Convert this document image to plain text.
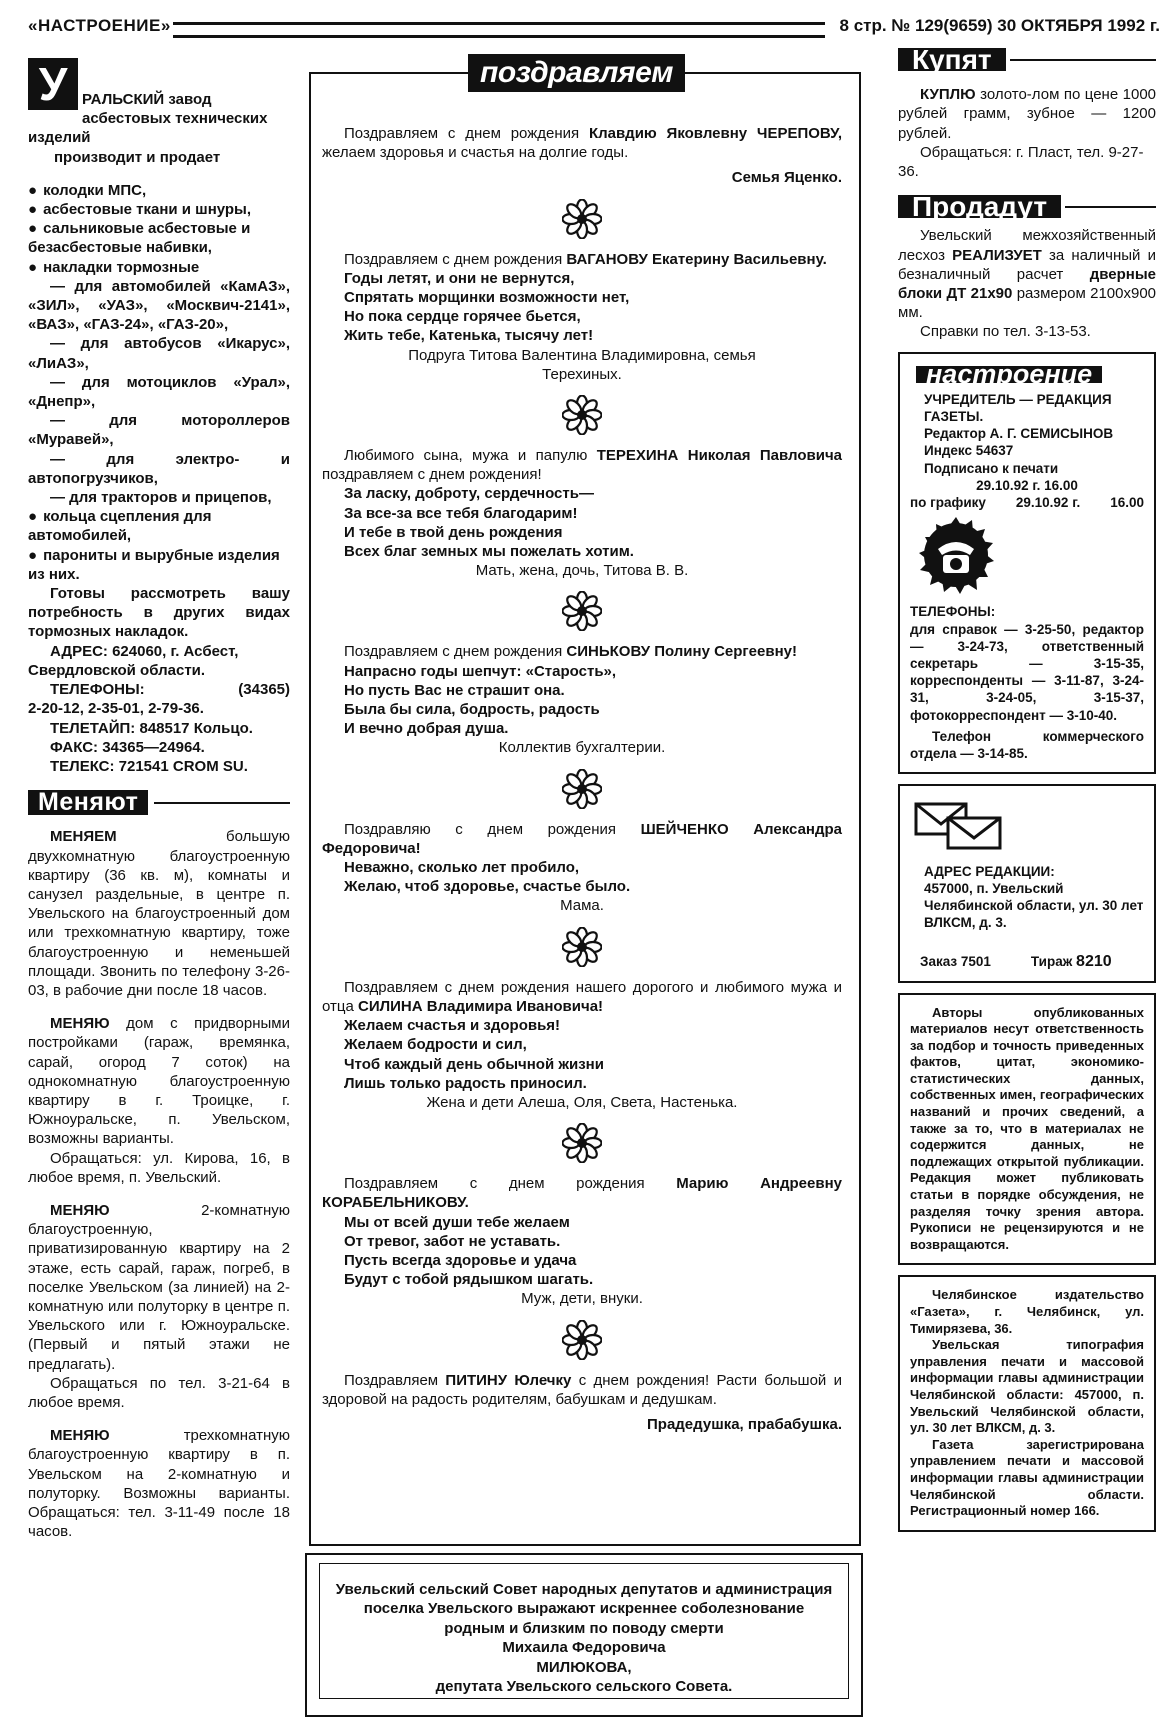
«НАСТРОЕНИЕ»	8 стр. № 129(9659) 30 ОКТЯБРЯ 1992 г.
У РАЛЬСКИЙ завод асбестовых технических изделий

производит и продает

● колодки МПС,

● асбестовые ткани и шнуры,

● сальниковые асбестовые и безасбестовые набивки,

● накладки тормозные

— для автомобилей «КамАЗ», «ЗИЛ», «УАЗ», «Москвич-2141», «ВАЗ», «ГАЗ-24», «ГАЗ-20»,

— для автобусов «Икарус», «ЛиАЗ»,

— для мотоциклов «Урал», «Днепр»,

— для мотороллеров «Муравей»,

— для электро- и автопогрузчиков,

— для тракторов и прицепов,

● кольца сцепления для автомобилей,

● парониты и вырубные изделия из них.

Готовы рассмотреть вашу потребность в других видах тормозных накладок.

АДРЕС: 624060, г. Асбест, Свердловской области.

ТЕЛЕФОНЫ:	(34365)

2-20-12, 2-35-01, 2-79-36.

ТЕЛЕТАЙП: 848517 Кольцо.

ФАКС: 34365—24964.

ТЕЛЕКС: 721541 CROM SU.

Меняют

МЕНЯЕМ	большую двухкомнатную благоустроенную квартиру (36 кв. м), комнаты и санузел раздельные, в центре п. Увельского на благоустроенный дом или трехкомнатную квартиру, тоже благоустроенную и неменьшей площади. Звонить по телефону 3-26-03, в рабочие дни после 18 часов.

МЕНЯЮ дом с придворными постройками (гараж, времянка, сарай, огород 7 соток) на однокомнатную благоустроенную квартиру в г. Троицке, г. Южноуральске, п. Увельском, возможны варианты.

Обращаться: ул. Кирова, 16, в любое время, п. Увельский.

МЕНЯЮ	2-комнатную благоустроенную, приватизированную квартиру на 2 этаже, есть сарай, гараж, погреб, в поселке Увельском (за линией) на 2-комнатную или полуторку в центре п. Увельского или г. Южноуральске. (Первый и пятый этажи не предлагать).

Обращаться по тел. 3-21-64 в любое время.

МЕНЯЮ	трехкомнатную благоустроенную квартиру в п. Увельском на 2-комнатную и полуторку. Возможны варианты. Обращаться: тел. 3-11-49 после 18 часов.

поздравляем

Поздравляем с днем рождения Клавдию Яковлевну ЧЕРЕПОВУ, желаем здоровья и счастья на долгие годы.

Семья Яценко.

Поздравляем с днем рождения ВАГАНОВУ Екатерину Васильевну.

Годы летят, и они не вернутся,

Спрятать морщинки возможности нет,

Но пока сердце горячее бьется,

Жить тебе, Катенька, тысячу лет!

Подруга Титова Валентина Владимировна, семья Терехиных.

Любимого сына, мужа и папулю ТЕРЕХИНА Николая Павловича поздравляем с днем рождения!

За ласку, доброту, сердечность—

За все-за все тебя благодарим!

И тебе в твой день рождения

Всех благ земных мы пожелать хотим.

Мать, жена, дочь, Титова В. В.

Поздравляем с днем рождения СИНЬКОВУ Полину Сергеевну!

Напрасно годы шепчут: «Старость»,

Но пусть Вас не страшит она.

Была бы сила, бодрость, радость

И вечно добрая душа.

Коллектив бухгалтерии.

Поздравляю с днем рождения ШЕЙЧЕНКО Александра Федоровича!

Неважно, сколько лет пробило,

Желаю, чтоб здоровье, счастье было.

Мама.

Поздравляем с днем рождения нашего дорогого и любимого мужа и отца СИЛИНА Владимира Ивановича!

Желаем счастья и здоровья!

Желаем бодрости и сил,

Чтоб каждый день обычной жизни

Лишь только радость приносил.

Жена и дети Алеша, Оля, Света, Настенька.

Поздравляем с днем рождения Марию Андреевну КОРАБЕЛЬНИКОВУ.

Мы от всей души тебе желаем

От тревог, забот не уставать.

Пусть всегда здоровье и удача

Будут с тобой рядышком шагать.

Муж, дети, внуки.

Поздравляем ПИТИНУ Юлечку с днем рождения! Расти большой и здоровой на радость родителям, бабушкам и дедушкам.

Прадедушка, прабабушка.

Увельский сельский Совет народных депутатов и администрация поселка Увельского выражают искреннее соболезнование родным и близким по поводу смерти

Михаила Федоровича

МИЛЮКОВА,

депутата Увельского сельского Совета.

Купят

КУПЛЮ золото-лом по цене 1000 рублей грамм, зубное — 1200 рублей.

Обращаться: г. Пласт, тел. 9-27-36.

Продадут

Увельский межхозяйственный лесхоз РЕАЛИЗУЕТ за наличный и безналичный расчет дверные блоки ДТ 21х90 размером 2100х900 мм.

Справки по тел. 3-13-53.

настроение

УЧРЕДИТЕЛЬ — РЕДАКЦИЯ ГАЗЕТЫ.

Редактор А. Г. СЕМИСЫНОВ

Индекс 54637

Подписано к печати

29.10.92 г. 16.00

по графику 29.10.92 г. 16.00

ТЕЛЕФОНЫ:

для справок — 3-25-50, редактор — 3-24-73, ответственный секретарь — 3-15-35, корреспонденты — 3-11-87, 3-24-31, 3-24-05, 3-15-37, фотокорреспондент — 3-10-40.

Телефон коммерческого отдела — 3-14-85.

АДРЕС РЕДАКЦИИ:

457000, п. Увельский Челябинской области, ул. 30 лет ВЛКСМ, д. 3.

Заказ 7501	Тираж 8210

Авторы опубликованных материалов несут ответственность за подбор и точность приведенных фактов, цитат, экономико-статистических данных, собственных имен, географических названий и прочих сведений, а также за то, что в материалах не содержится данных, не подлежащих открытой публикации. Редакция может публиковать статьи в порядке обсуждения, не разделяя точку зрения автора. Рукописи не рецензируются и не возвращаются.

Челябинское издательство «Газета», г. Челябинск, ул. Тимирязева, 36.

Увельская типография управления печати и массовой информации главы администрации Челябинской области: 457000, п. Увельский Челябинской области, ул. 30 лет ВЛКСМ, д. 3.

Газета зарегистрирована управлением печати и массовой информации главы администрации Челябинской области. Регистрационный номер 166.
